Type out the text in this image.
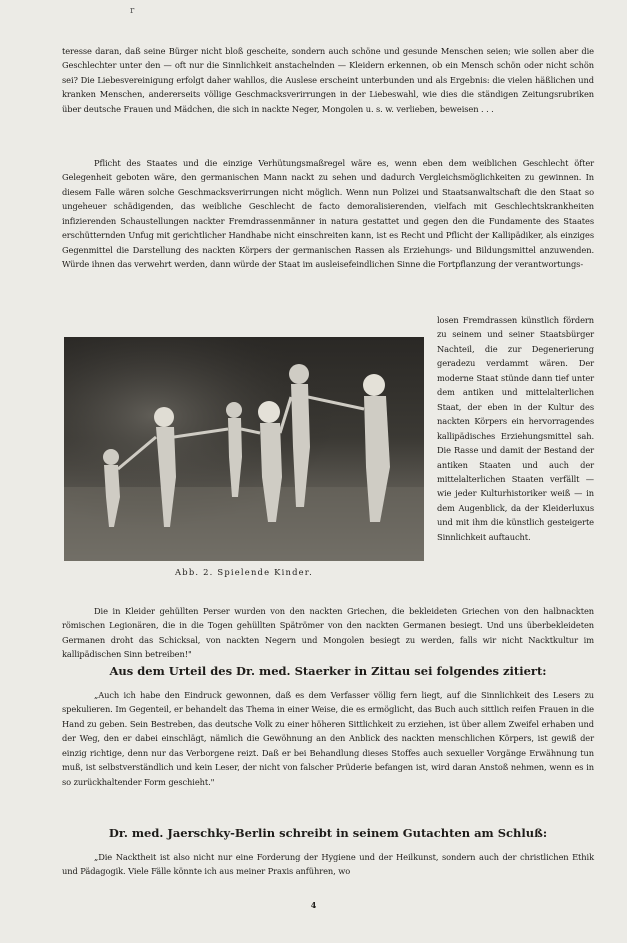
r

teresse daran, daß seine Bürger nicht bloß gescheite, sondern auch schöne und gesunde Menschen seien; wie sollen aber die Geschlechter unter den — oft nur die Sinnlichkeit anstachelnden — Kleidern erkennen, ob ein Mensch schön oder nicht schön sei? Die Liebesvereinigung erfolgt daher wahllos, die Auslese erscheint unterbunden und als Ergebnis: die vielen häßlichen und kranken Menschen, andererseits völlige Geschmacksverirrungen in der Liebeswahl, wie dies die ständigen Zeitungsrubriken über deutsche Frauen und Mädchen, die sich in nackte Neger, Mongolen u. s. w. verlieben, beweisen . . .

Pflicht des Staates und die einzige Verhütungsmaßregel wäre es, wenn eben dem weiblichen Geschlecht öfter Gelegenheit geboten wäre, den germanischen Mann nackt zu sehen und dadurch Vergleichsmöglichkeiten zu gewinnen. In diesem Falle wären solche Geschmacksverirrungen nicht möglich. Wenn nun Polizei und Staatsanwaltschaft die den Staat so ungeheuer schädigenden, das weibliche Geschlecht de facto demoralisierenden, vielfach mit Geschlechtskrankheiten infizierenden Schaustellungen nackter Fremdrassenmänner in natura gestattet und gegen den die Fundamente des Staates erschütternden Unfug mit gerichtlicher Handhabe nicht einschreiten kann, ist es Recht und Pflicht der Kallipädiker, als einziges Gegenmittel die Darstellung des nackten Körpers der germanischen Rassen als Erziehungs- und Bildungsmittel anzuwenden. Würde ihnen das verwehrt werden, dann würde der Staat im ausleisefeindlichen Sinne die Fortpflanzung der verantwortungs-

Abb. 2. Spielende Kinder.
losen Fremdrassen künstlich fördern zu seinem und seiner Staatsbürger Nachteil, die zur Degenerierung geradezu verdammt wären. Der moderne Staat stünde dann tief unter dem antiken und mittelalterlichen Staat, der eben in der Kultur des nackten Körpers ein hervorragendes kallipädisches Erziehungsmittel sah. Die Rasse und damit der Bestand der antiken Staaten und auch der mittelalterlichen Staaten verfällt — wie jeder Kulturhistoriker weiß — in dem Augenblick, da der Kleiderluxus und mit ihm die künstlich gesteigerte Sinnlichkeit auftaucht.

Die in Kleider gehüllten Perser wurden von den nackten Griechen, die bekleideten Griechen von den halbnackten römischen Legionären, die in die Togen gehüllten Spätrömer von den nackten Germanen besiegt. Und uns überbekleideten Germanen droht das Schicksal, von nackten Negern und Mongolen besiegt zu werden, falls wir nicht Nacktkultur im kallipädischen Sinn betreiben!"

Aus dem Urteil des Dr. med. Staerker in Zittau sei folgendes zitiert:

„Auch ich habe den Eindruck gewonnen, daß es dem Verfasser völlig fern liegt, auf die Sinnlichkeit des Lesers zu spekulieren. Im Gegenteil, er behandelt das Thema in einer Weise, die es ermöglicht, das Buch auch sittlich reifen Frauen in die Hand zu geben. Sein Bestreben, das deutsche Volk zu einer höheren Sittlichkeit zu erziehen, ist über allem Zweifel erhaben und der Weg, den er dabei einschlägt, nämlich die Gewöhnung an den Anblick des nackten menschlichen Körpers, ist gewiß der einzig richtige, denn nur das Verborgene reizt. Daß er bei Behandlung dieses Stoffes auch sexueller Vorgänge Erwähnung tun muß, ist selbstverständlich und kein Leser, der nicht von falscher Prüderie befangen ist, wird daran Anstoß nehmen, wenn es in so zurückhaltender Form geschieht."

Dr. med. Jaerschky-Berlin schreibt in seinem Gutachten am Schluß:

„Die Nacktheit ist also nicht nur eine Forderung der Hygiene und der Heilkunst, sondern auch der christlichen Ethik und Pädagogik. Viele Fälle könnte ich aus meiner Praxis anführen, wo

4
